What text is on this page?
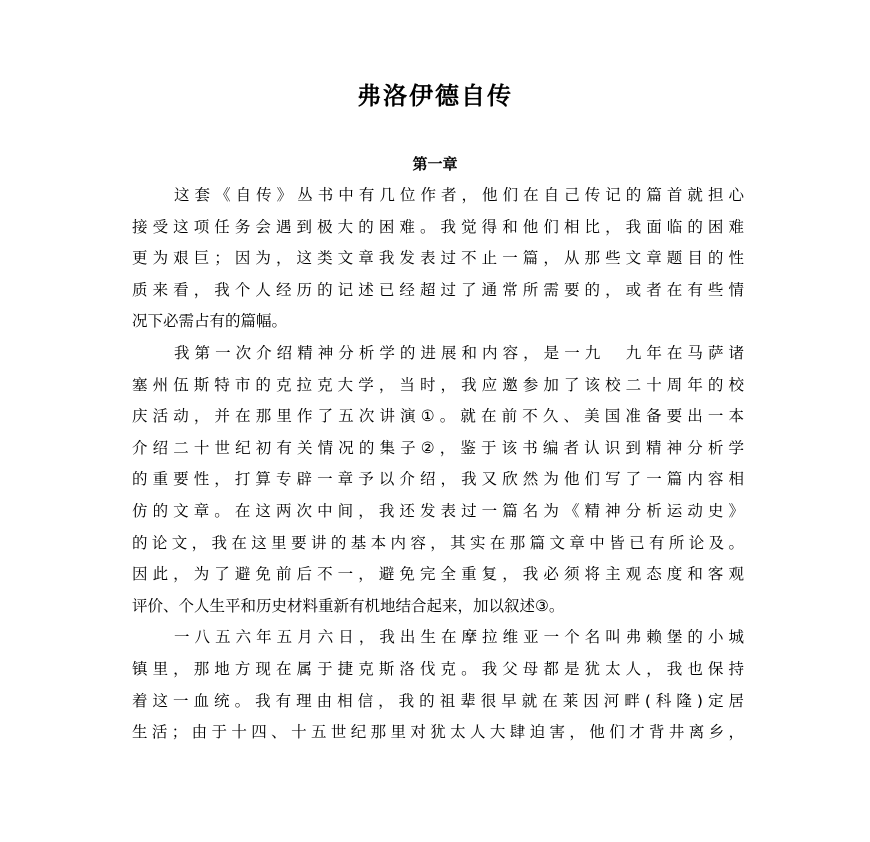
弗洛伊德自传
第一章
这套《自传》丛书中有几位作者，他们在自己传记的篇首就担心
接受这项任务会遇到极大的困难。我觉得和他们相比，我面临的困难
更为艰巨；因为，这类文章我发表过不止一篇，从那些文章题目的性
质来看，我个人经历的记述已经超过了通常所需要的，或者在有些情
况下必需占有的篇幅。
我第一次介绍精神分析学的进展和内容，是一九　九年在马萨诸
塞州伍斯特市的克拉克大学，当时，我应邀参加了该校二十周年的校
庆活动，并在那里作了五次讲演①。就在前不久、美国准备要出一本
介绍二十世纪初有关情况的集子②，鉴于该书编者认识到精神分析学
的重要性，打算专辟一章予以介绍，我又欣然为他们写了一篇内容相
仿的文章。在这两次中间，我还发表过一篇名为《精神分析运动史》
的论文，我在这里要讲的基本内容，其实在那篇文章中皆已有所论及。
因此，为了避免前后不一，避免完全重复，我必须将主观态度和客观
评价、个人生平和历史材料重新有机地结合起来，加以叙述③。
一八五六年五月六日，我出生在摩拉维亚一个名叫弗赖堡的小城
镇里，那地方现在属于捷克斯洛伐克。我父母都是犹太人，我也保持
着这一血统。我有理由相信，我的祖辈很早就在莱因河畔(科隆)定居
生活；由于十四、十五世纪那里对犹太人大肆迫害，他们才背井离乡，
